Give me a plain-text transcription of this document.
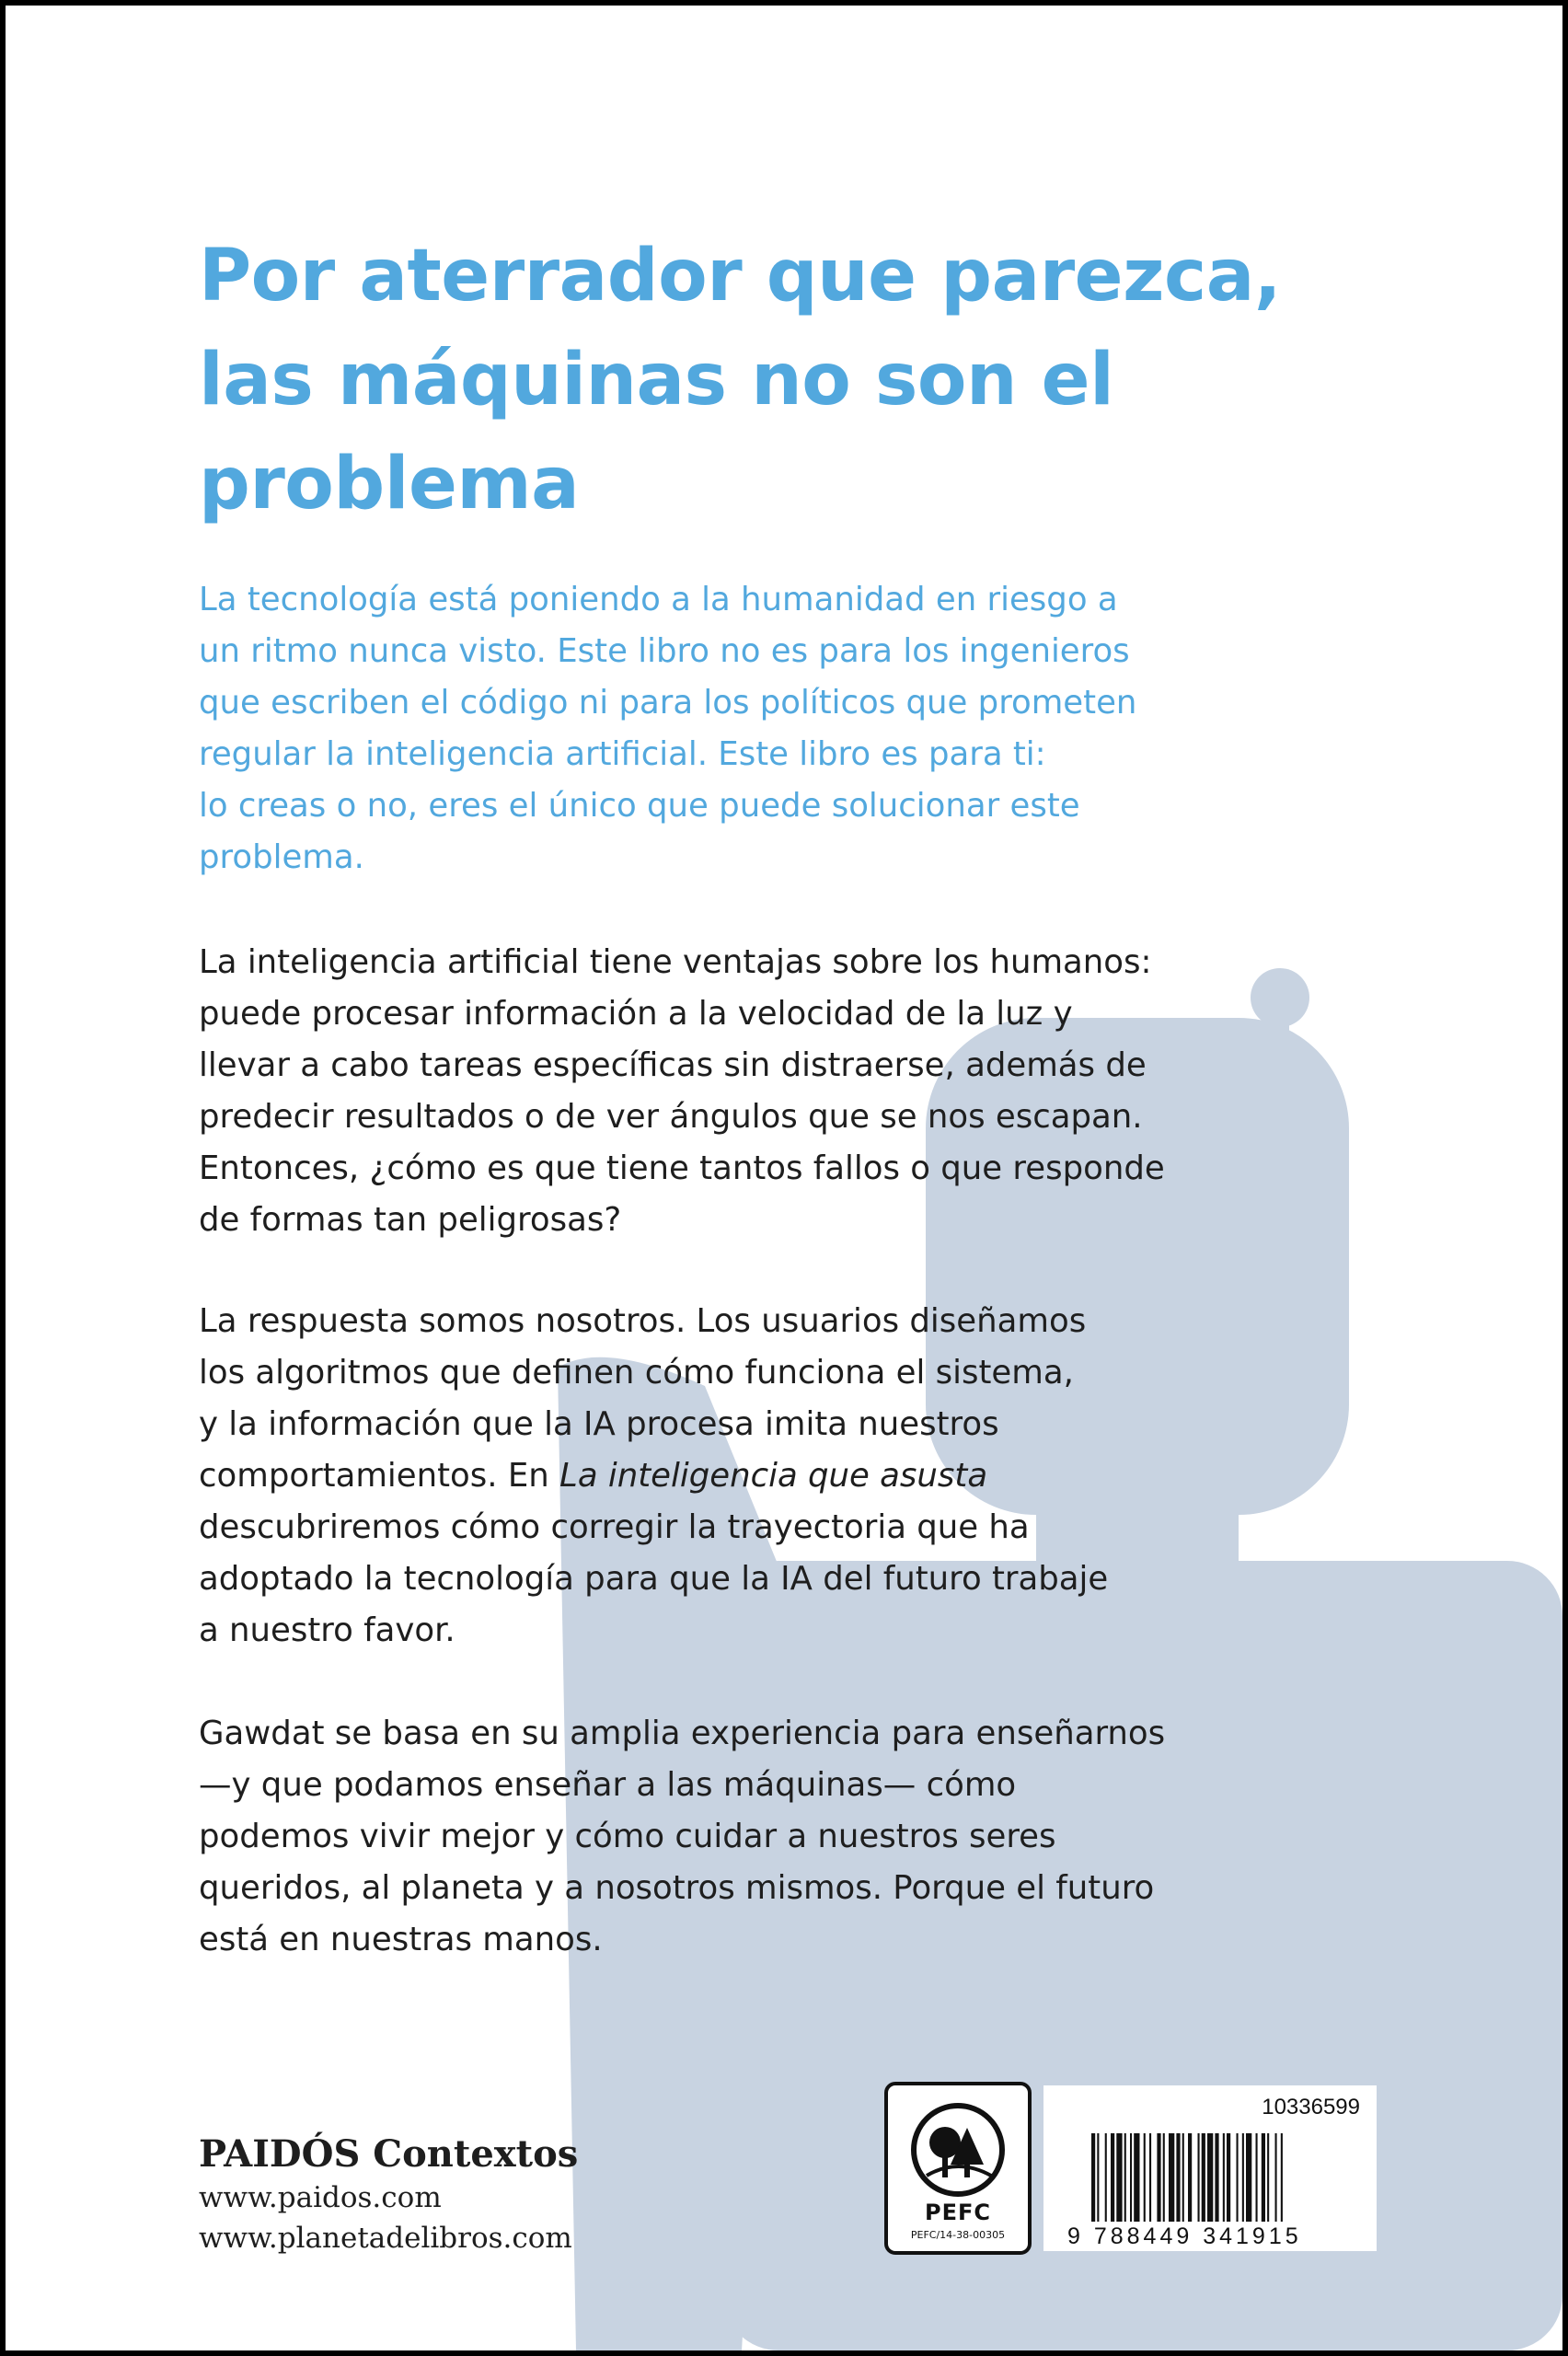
Por aterrador que parezca,
las máquinas no son el
problema

La tecnología está poniendo a la humanidad en riesgo a
un ritmo nunca visto. Este libro no es para los ingenieros
que escriben el código ni para los políticos que prometen
regular la inteligencia artificial. Este libro es para ti:
lo creas o no, eres el único que puede solucionar este
problema.

La inteligencia artificial tiene ventajas sobre los humanos:
puede procesar información a la velocidad de la luz y
llevar a cabo tareas específicas sin distraerse, además de
predecir resultados o de ver ángulos que se nos escapan.
Entonces, ¿cómo es que tiene tantos fallos o que responde
de formas tan peligrosas?

La respuesta somos nosotros. Los usuarios diseñamos
los algoritmos que definen cómo funciona el sistema,
y la información que la IA procesa imita nuestros
comportamientos. En La inteligencia que asusta
descubriremos cómo corregir la trayectoria que ha
adoptado la tecnología para que la IA del futuro trabaje
a nuestro favor.

Gawdat se basa en su amplia experiencia para enseñarnos
—y que podamos enseñar a las máquinas— cómo
podemos vivir mejor y cómo cuidar a nuestros seres
queridos, al planeta y a nosotros mismos. Porque el futuro
está en nuestras manos.

PAIDÓS Contextos
www.paidos.com
www.planetadelibros.com
PEFC
PEFC/14-38-00305
10336599
9 788449 341915
